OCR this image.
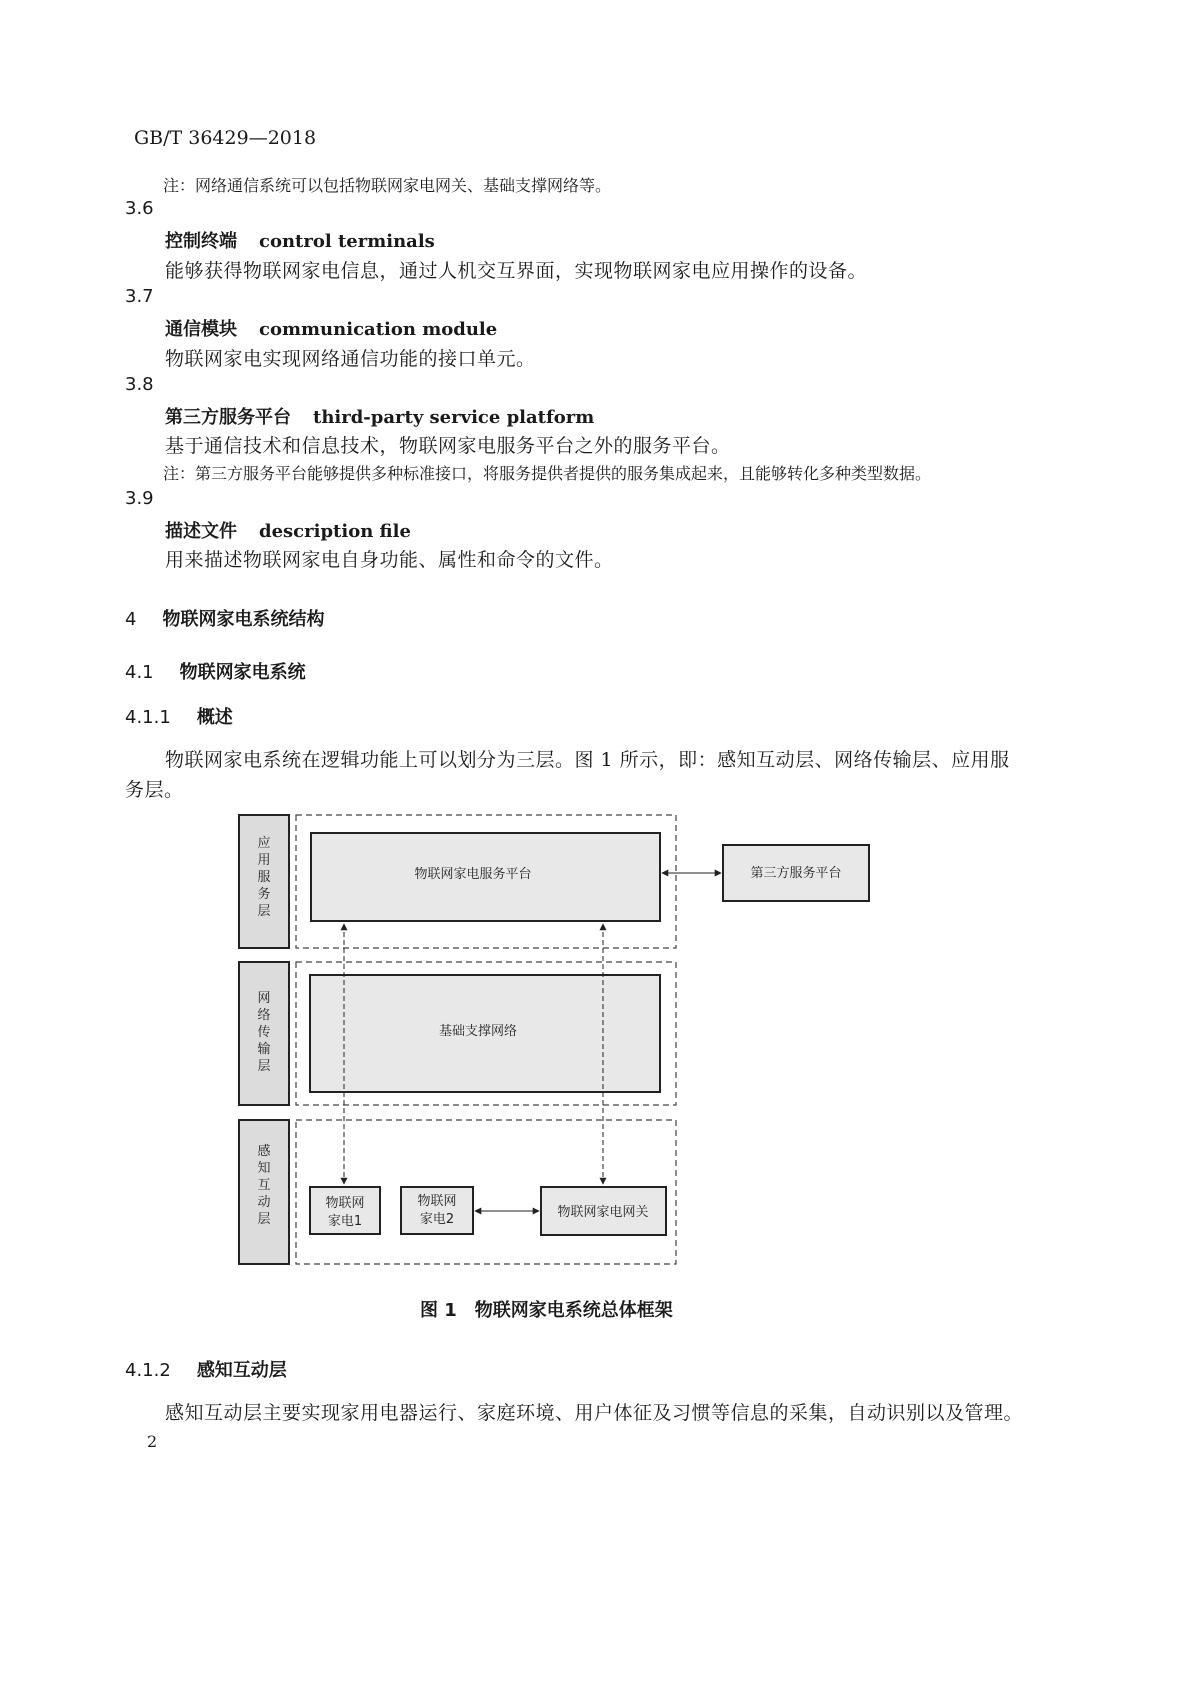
GB/T 36429—2018
注：网络通信系统可以包括物联网家电网关、基础支撑网络等。
3.6
控制终端 control terminals
能够获得物联网家电信息，通过人机交互界面，实现物联网家电应用操作的设备。
3.7
通信模块 communication module
物联网家电实现网络通信功能的接口单元。
3.8
第三方服务平台 third-party service platform
基于通信技术和信息技术，物联网家电服务平台之外的服务平台。
注：第三方服务平台能够提供多种标准接口，将服务提供者提供的服务集成起来，且能够转化多种类型数据。
3.9
描述文件 description file
用来描述物联网家电自身功能、属性和命令的文件。
4 物联网家电系统结构
4.1 物联网家电系统
4.1.1 概述
物联网家电系统在逻辑功能上可以划分为三层。图 1 所示，即：感知互动层、网络传输层、应用服
务层。
应
用
服
务
层
网
络
传
输
层
感
知
互
动
层
物联网家电服务平台	第三方服务平台
基础支撑网络
物联网
家电1
物联网
家电2	物联网家电网关
图 1　物联网家电系统总体框架
4.1.2 感知互动层
感知互动层主要实现家用电器运行、家庭环境、用户体征及习惯等信息的采集，自动识别以及管理。
2
